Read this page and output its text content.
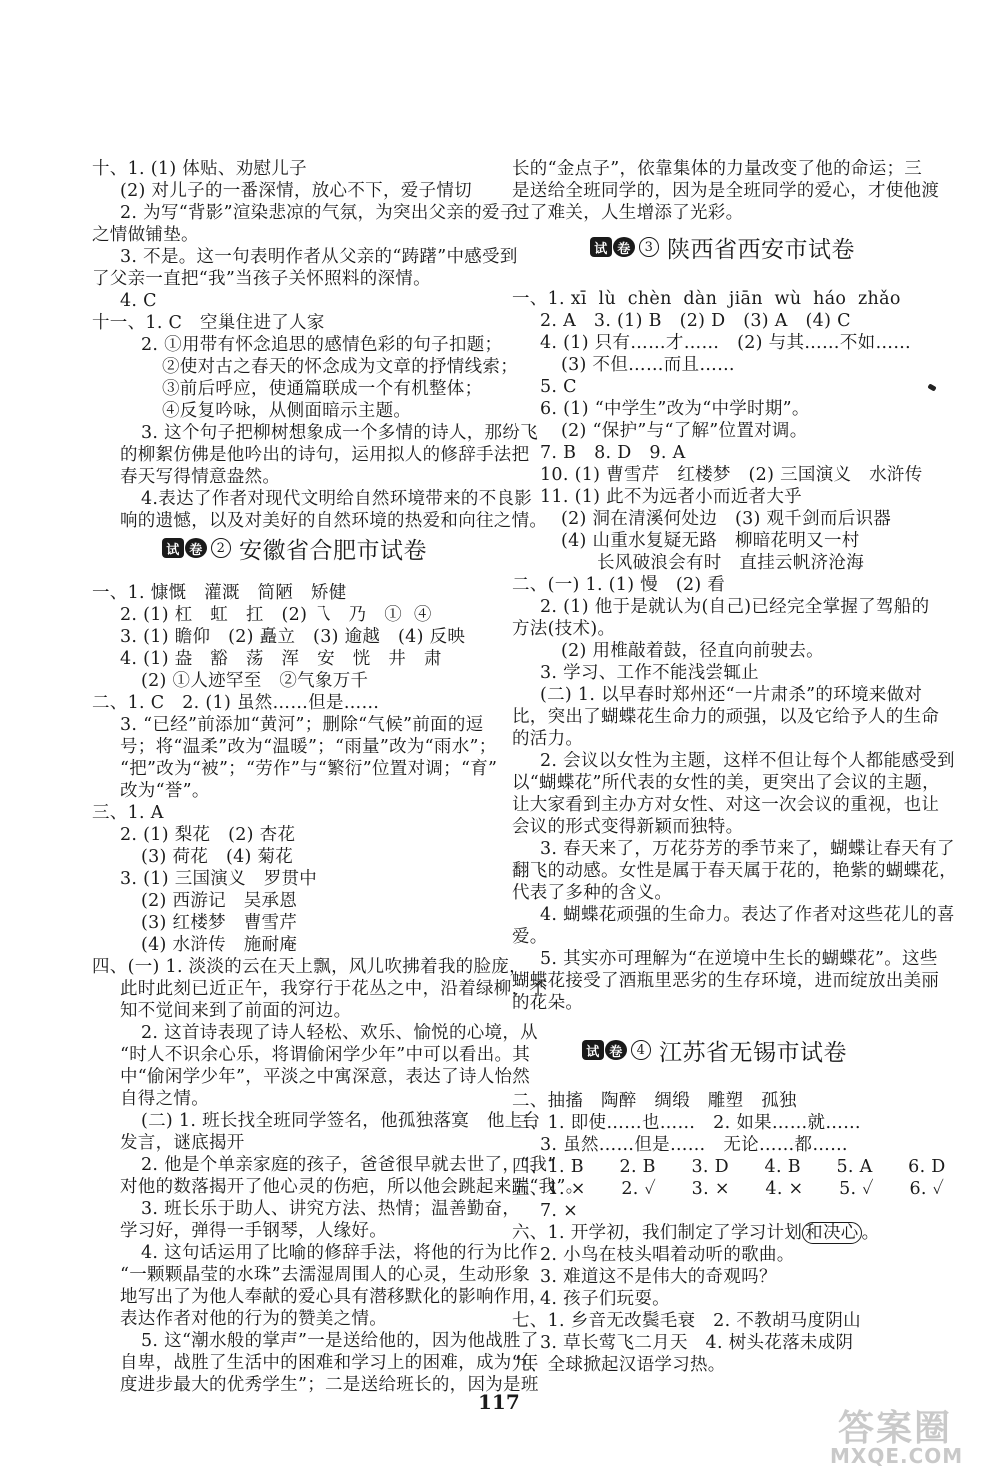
十、1. (1) 体贴、劝慰儿子
(2) 对儿子的一番深情，放心不下，爱子情切
2. 为写“背影”渲染悲凉的气氛，为突出父亲的爱子
之情做铺垫。
3. 不是。这一句表明作者从父亲的“踌躇”中感受到
了父亲一直把“我”当孩子关怀照料的深情。
4. C
十一、1. C　空巢住进了人家
2. ①用带有怀念追思的感情色彩的句子扣题；
②使对古之春天的怀念成为文章的抒情线索；
③前后呼应，使通篇联成一个有机整体；
④反复吟咏，从侧面暗示主题。
3. 这个句子把柳树想象成一个多情的诗人，那纷飞
的柳絮仿佛是他吟出的诗句，运用拟人的修辞手法把
春天写得情意盎然。
4.表达了作者对现代文明给自然环境带来的不良影
响的遗憾，以及对美好的自然环境的热爱和向往之情。
试 卷	2 安徽省合肥市试卷
一、1. 慷慨　灌溉　简陋　矫健
2. (1) 杠　虹　扛　(2) 乁　乃　① ④
3. (1) 瞻仰　(2) 矗立　(3) 逾越　(4) 反映
4. (1) 盎　豁　荡　浑　安　恍　井　肃
(2) ①人迹罕至　②气象万千
二、1. C　2. (1) 虽然……但是……
3. “已经”前添加“黄河”；删除“气候”前面的逗
号；将“温柔”改为“温暖”；“雨量”改为“雨水”；
“把”改为“被”；“劳作”与“繁衍”位置对调；“育”
改为“誉”。
三、1. A
2. (1) 梨花　(2) 杏花
(3) 荷花　(4) 菊花
3. (1) 三国演义　罗贯中
(2) 西游记　吴承恩
(3) 红楼梦　曹雪芹
(4) 水浒传　施耐庵
四、(一) 1. 淡淡的云在天上飘，风儿吹拂着我的脸庞，
此时此刻已近正午，我穿行于花丛之中，沿着绿柳，不
知不觉间来到了前面的河边。
2. 这首诗表现了诗人轻松、欢乐、愉悦的心境，从
“时人不识余心乐，将谓偷闲学少年”中可以看出。其
中“偷闲学少年”，平淡之中寓深意，表达了诗人怡然
自得之情。
(二) 1. 班长找全班同学签名，他孤独落寞　他上台
发言，谜底揭开
2. 他是个单亲家庭的孩子，爸爸很早就去世了，“我”
对他的数落揭开了他心灵的伤疤，所以他会跳起来踹“我”。
3. 班长乐于助人、讲究方法、热情；温善勤奋，
学习好，弹得一手钢琴，人缘好。
4. 这句话运用了比喻的修辞手法，将他的行为比作
“一颗颗晶莹的水珠”去濡湿周围人的心灵，生动形象
地写出了为他人奉献的爱心具有潜移默化的影响作用，
表达作者对他的行为的赞美之情。
5. 这“潮水般的掌声”一是送给他的，因为他战胜了
自卑，战胜了生活中的困难和学习上的困难，成为“年
度进步最大的优秀学生”；二是送给班长的，因为是班
长的“金点子”，依靠集体的力量改变了他的命运；三
是送给全班同学的，因为是全班同学的爱心，才使他渡
过了难关，人生增添了光彩。
试 卷	3 陕西省西安市试卷
一、1. xī  lù  chèn  dàn  jiān  wù  háo  zhǎo
2. A　3. (1) B　(2) D　(3) A　(4) C
4. (1) 只有……才……　(2) 与其……不如……
(3) 不但……而且……
5. C
6. (1) “中学生”改为“中学时期”。
(2) “保护”与“了解”位置对调。
7. B　8. D　9. A
10. (1) 曹雪芹　红楼梦　(2) 三国演义　水浒传
11. (1) 此不为远者小而近者大乎
(2) 洞在清溪何处边　(3) 观千剑而后识器
(4) 山重水复疑无路　柳暗花明又一村
长风破浪会有时　直挂云帆济沧海
二、(一) 1. (1) 慢　(2) 看
2. (1) 他于是就认为(自己)已经完全掌握了驾船的
方法(技术)。
(2) 用椎敲着鼓，径直向前驶去。
3. 学习、工作不能浅尝辄止
(二) 1. 以早春时郑州还“一片肃杀”的环境来做对
比，突出了蝴蝶花生命力的顽强，以及它给予人的生命
的活力。
2. 会议以女性为主题，这样不但让每个人都能感受到
以“蝴蝶花”所代表的女性的美，更突出了会议的主题，
让大家看到主办方对女性、对这一次会议的重视，也让
会议的形式变得新颖而独特。
3. 春天来了，万花芬芳的季节来了，蝴蝶让春天有了
翻飞的动感。女性是属于春天属于花的，艳紫的蝴蝶花，
代表了多种的含义。
4. 蝴蝶花顽强的生命力。表达了作者对这些花儿的喜
爱。
5. 其实亦可理解为“在逆境中生长的蝴蝶花”。这些
蝴蝶花接受了酒瓶里恶劣的生存环境，进而绽放出美丽
的花朵。
试 卷	4 江苏省无锡市试卷
二、抽搐　陶醉　绸缎　雕塑　孤独
三、1. 即使……也……　2. 如果……就……
3. 虽然……但是……　无论……都……
四、1. B　　2. B　　3. D　　4. B　　5. A　　6. D
五、1. ×　　2. ✓　　3. ×　　4. ×　　5. ✓　　6. ✓
7. ×
六、1. 开学初，我们制定了学习计划 和决心 。
2. 小鸟在枝头唱着动听的歌曲。
3. 难道这不是伟大的奇观吗？
4. 孩子们玩耍。
七、1. 乡音无改鬓毛衰　2. 不教胡马度阴山
3. 草长莺飞二月天　4. 树头花落未成阴
九、全球掀起汉语学习热。
117
答案圈
MXQE.COM
